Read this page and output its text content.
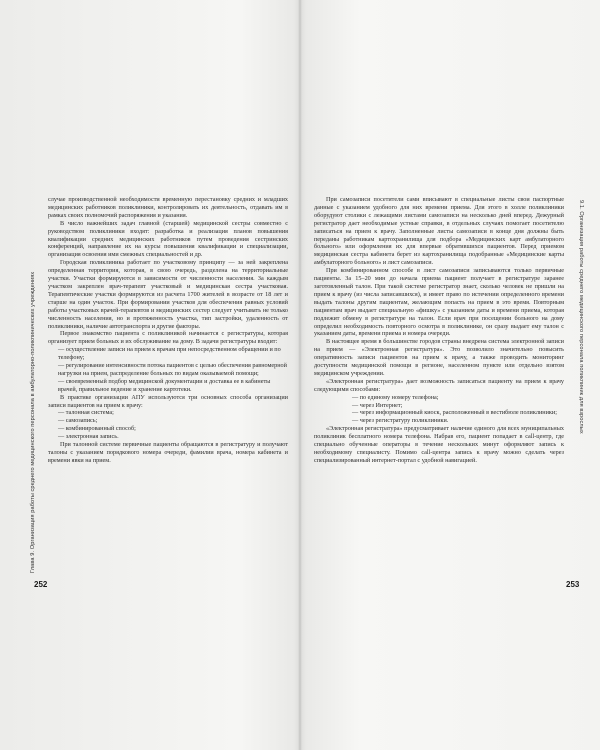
Глава 9. Организация работы среднего медицинского персонала в амбулаторно-поликлинических учреждениях	9.1. Организация работы среднего медицинского персонала поликлиник для взрослых

случае производственной необходимости временную перестановку средних и младших медицинских работников поликлиники, контролировать их деятельность, отдавать им в рамках своих полномочий распоряжения и указания.

В число важнейших задач главной (старшей) медицинской сестры совместно с руководством поликлиники входят: разработка и реализация планов повышения квалификации средних медицинских работников путем проведения сестринских конференций, направление их на курсы повышения квалификации и специализации, организация освоения ими смежных специальностей и др.

Городская поликлиника работает по участковому принципу — за ней закреплена определенная территория, которая, в свою очередь, разделена на территориальные участки. Участки формируются в зависимости от численности населения. За каждым участком закреплен врач-терапевт участковый и медицинская сестра участковая. Терапевтические участки формируются из расчета 1700 жителей в возрасте от 18 лет и старше на один участок. При формировании участков для обеспечения равных условий работы участковых врачей-терапевтов и медицинских сестер следует учитывать не только численность населения, но и протяженность участка, тип застройки, удаленность от поликлиники, наличие автотранспорта и другие факторы.

Первое знакомство пациента с поликлиникой начинается с регистратуры, которая организует прием больных и их обслуживание на дому. В задачи регистратуры входит:

— осуществление записи на прием к врачам при непосредственном обращении и по телефону;

— регулирование интенсивности потока пациентов с целью обеспечения равномерной нагрузки на прием, распределение больных по видам оказываемой помощи;

— своевременный подбор медицинской документации и доставка ее в кабинеты врачей, правильное ведение и хранение картотеки.

В практике организации АПУ используются три основных способа организации записи пациентов на прием к врачу:

— талонная система;

— самозапись;

— комбинированный способ;

— электронная запись.

При талонной системе первичные пациенты обращаются в регистратуру и получают талоны с указанием порядкового номера очереди, фамилии врача, номера кабинета и времени явки на прием.

При самозаписи посетители сами вписывают в специальные листы свои паспортные данные с указанием удобного для них времени приема. Для этого в холле поликлиники оборудуют столики с лежащими листами самозаписи на несколько дней вперед. Дежурный регистратор дает необходимые устные справки, в отдельных случаях помогает посетителю записаться на прием к врачу. Заполненные листы самозаписи в конце дня должны быть переданы работникам картохранилища для подбора «Медицинских карт амбулаторного больного» или оформления их для впервые обратившихся пациентов. Перед приемом медицинская сестра кабинета берет из картохранилища подобранные «Медицинские карты амбулаторного больного» и лист самозаписи.

При комбинированном способе в лист самозаписи записываются только первичные пациенты. За 15–20 мин до начала приема пациент получает в регистратуре заранее заготовленный талон. При такой системе регистратор знает, сколько человек не пришли на прием к врачу (из числа записавшихся), и имеет право по истечении определенного времени выдать талоны другим пациентам, желающим попасть на прием в это время. Повторным пациентам врач выдает специальную «фишку» с указанием даты и времени приема, которая подлежит обмену в регистратуре на талон. Если врач при посещении больного на дому определил необходимость повторного осмотра в поликлинике, он сразу выдает ему талон с указанием даты, времени приема и номера очереди.

В настоящее время в большинстве городов страны внедрена система электронной записи на прием — «Электронная регистратура». Это позволило значительно повысить оперативность записи пациентов на прием к врачу, а также проводить мониторинг доступности медицинской помощи в регионе, населенном пункте или отдельно взятом медицинском учреждении.

«Электронная регистратура» дает возможность записаться пациенту на прием к врачу следующими способами:

— по единому номеру телефона;

— через Интернет;

— через информационный киоск, расположенный в вестибюле поликлиники;

— через регистратуру поликлиники.

«Электронная регистратура» предусматривает наличие единого для всех муниципальных поликлиник бесплатного номера телефона. Набрав его, пациент попадает в call-центр, где специально обученные операторы в течение нескольких минут оформляют запись к необходимому специалисту. Помимо call-центра запись к врачу можно сделать через специализированный интернет-портал с удобной навигацией.

252	253
